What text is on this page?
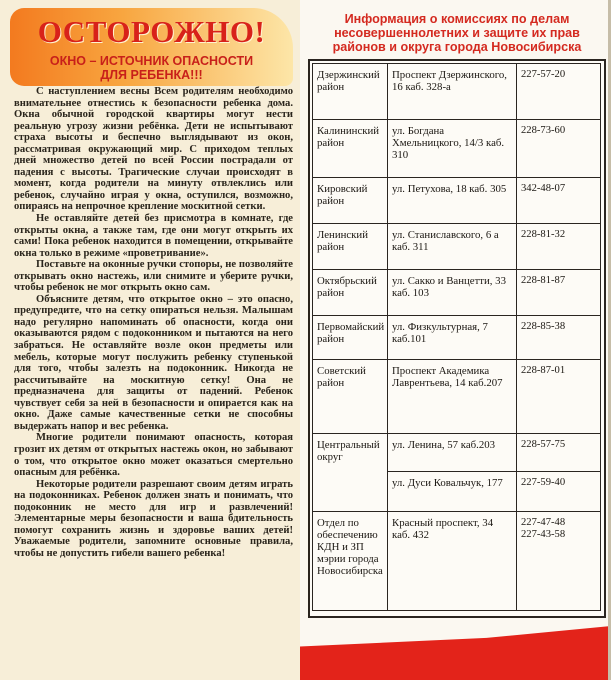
ОСТОРОЖНО!
ОКНО – ИСТОЧНИК ОПАСНОСТИ
ДЛЯ РЕБЕНКА!!!

С наступлением весны Всем родителям необходимо внимательнее отнестись к безопасности ребенка дома. Окна обычной городской квартиры могут нести реальную угрозу жизни ребёнка. Дети не испытывают страха высоты и беспечно выглядывают из окон, рассматривая окружающий мир. С приходом теплых дней множество детей по всей России пострадали от падения с высоты. Трагические случаи происходят в момент, когда родители на минуту отвлеклись или ребенок, случайно играя у окна, оступился, возможно, опираясь на непрочное крепление москитной сетки.

Не оставляйте детей без присмотра в комнате, где открыты окна, а также там, где они могут открыть их сами! Пока ребенок находится в помещении, открывайте окна только в режиме «проветривание».

Поставьте на оконные ручки стопоры, не позволяйте открывать окно настежь, или снимите и уберите ручки, чтобы ребенок не мог открыть окно сам.

Объясните детям, что открытое окно – это опасно, предупредите, что на сетку опираться нельзя. Малышам надо регулярно напоминать об опасности, когда они оказываются рядом с подоконником и пытаются на него забраться. Не оставляйте возле окон предметы или мебель, которые могут послужить ребенку ступенькой для того, чтобы залезть на подоконник. Никогда не рассчитывайте на москитную сетку! Она не предназначена для защиты от падений. Ребенок чувствует себя за ней в безопасности и опирается как на окно. Даже самые качественные сетки не способны выдержать напор и вес ребенка.

Многие родители понимают опасность, которая грозит их детям от открытых настежь окон, но забывают о том, что открытое окно может оказаться смертельно опасным для ребёнка.

Некоторые родители разрешают своим детям играть на подоконниках. Ребенок должен знать и понимать, что подоконник не место для игр и развлечений! Элементарные меры безопасности и ваша бдительность помогут сохранить жизнь и здоровье ваших детей! Уважаемые родители, запомните основные правила, чтобы не допустить гибели вашего ребенка!

Информация о комиссиях по делам
несовершеннолетних и защите их прав
районов и округа города Новосибирска
Дзержинский район	Проспект Дзержинского, 16 каб. 328-а	227-57-20
Калининский район	ул. Богдана Хмельницкого, 14/3 каб. 310	228-73-60
Кировский район	ул. Петухова, 18 каб. 305	342-48-07
Ленинский район	ул. Станиславского, 6 а каб. 311	228-81-32
Октябрьский район	ул. Сакко и Ванцетти, 33 каб. 103	228-81-87
Первомайский район	ул. Физкультурная, 7 каб.101	228-85-38
Советский район	Проспект Академика Лаврентьева, 14 каб.207	228-87-01
Центральный округ	ул. Ленина, 57 каб.203	228-57-75
	ул. Дуси Ковальчук, 177	227-59-40
Отдел по обеспечению КДН и ЗП мэрии города Новосибирска	Красный проспект, 34 каб. 432	227-47-48
227-43-58
